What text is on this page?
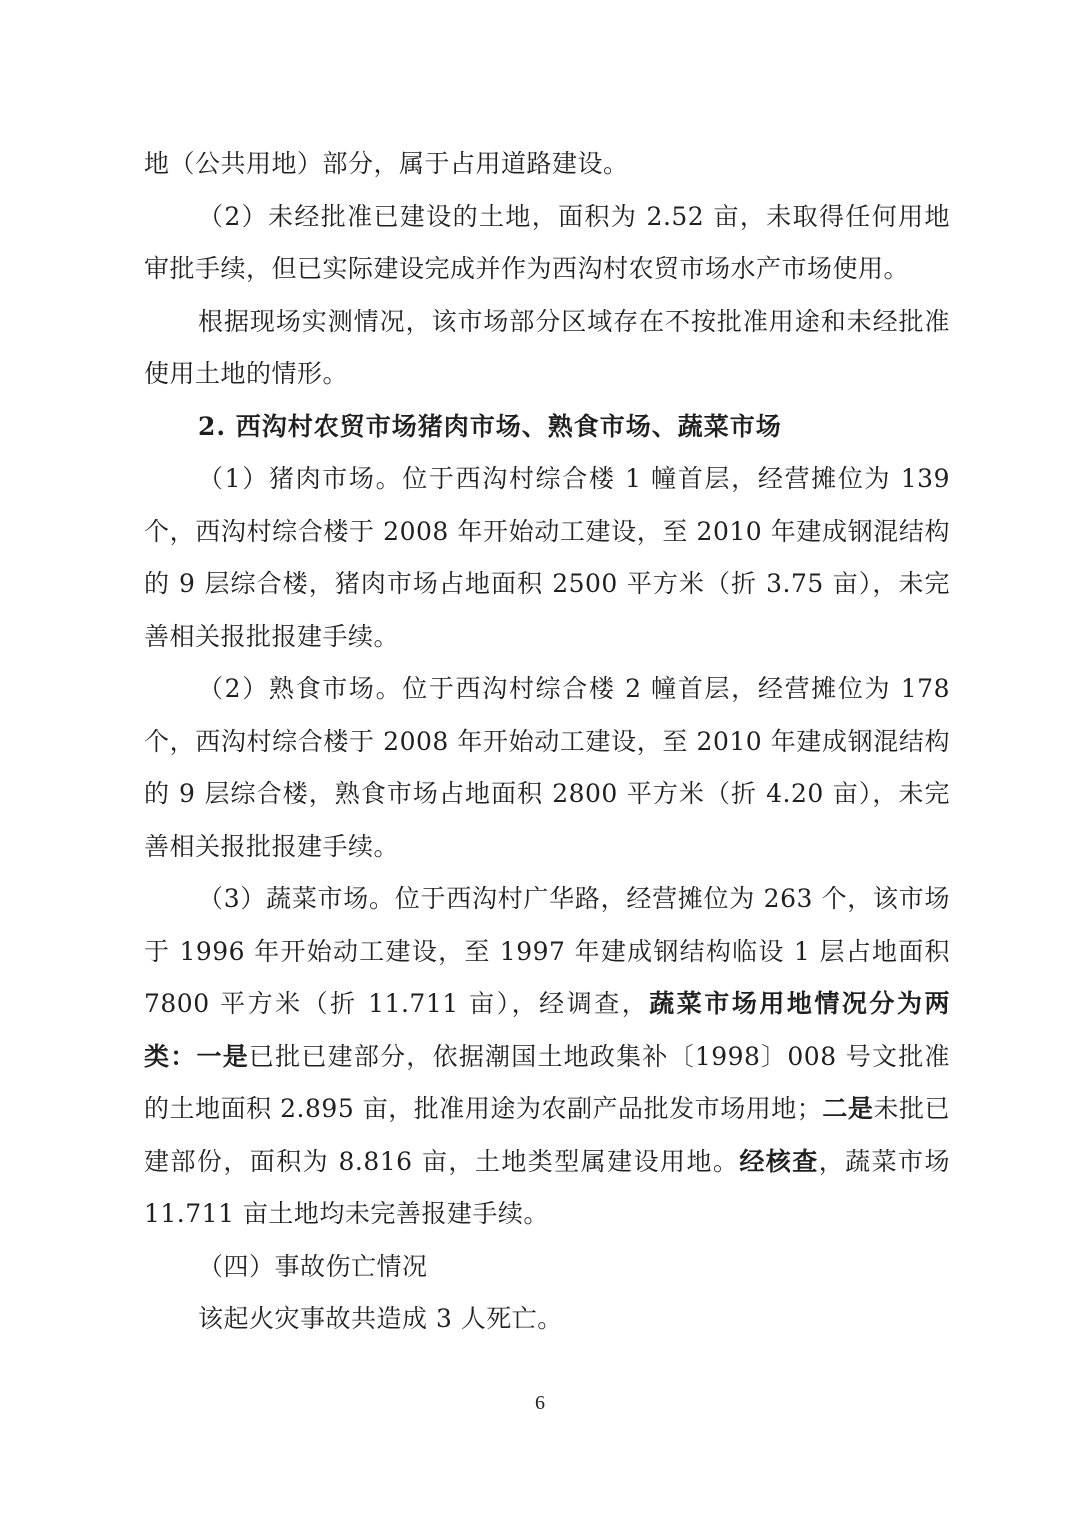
地（公共用地）部分，属于占用道路建设。

（2）未经批准已建设的土地，面积为 2.52 亩，未取得任何用地审批手续，但已实际建设完成并作为西沟村农贸市场水产市场使用。

根据现场实测情况，该市场部分区域存在不按批准用途和未经批准使用土地的情形。

2. 西沟村农贸市场猪肉市场、熟食市场、蔬菜市场

（1）猪肉市场。位于西沟村综合楼 1 幢首层，经营摊位为 139 个，西沟村综合楼于 2008 年开始动工建设，至 2010 年建成钢混结构的 9 层综合楼，猪肉市场占地面积 2500 平方米（折 3.75 亩），未完善相关报批报建手续。

（2）熟食市场。位于西沟村综合楼 2 幢首层，经营摊位为 178 个，西沟村综合楼于 2008 年开始动工建设，至 2010 年建成钢混结构的 9 层综合楼，熟食市场占地面积 2800 平方米（折 4.20 亩），未完善相关报批报建手续。

（3）蔬菜市场。位于西沟村广华路，经营摊位为 263 个，该市场于 1996 年开始动工建设，至 1997 年建成钢结构临设 1 层占地面积 7800 平方米（折 11.711 亩），经调查，蔬菜市场用地情况分为两类：一是已批已建部分，依据潮国土地政集补〔1998〕008 号文批准的土地面积 2.895 亩，批准用途为农副产品批发市场用地；二是未批已建部份，面积为 8.816 亩，土地类型属建设用地。经核查，蔬菜市场 11.711 亩土地均未完善报建手续。

（四）事故伤亡情况

该起火灾事故共造成 3 人死亡。

6
